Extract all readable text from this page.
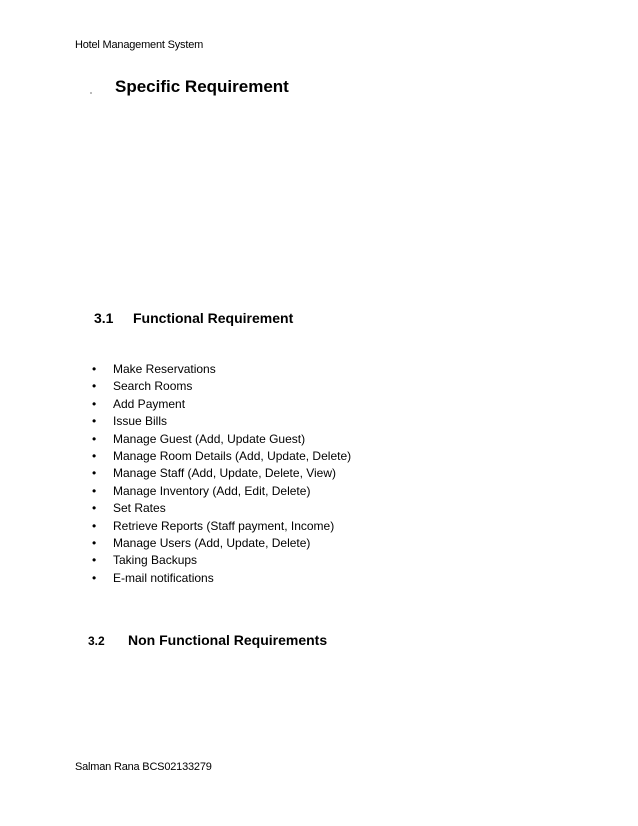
Hotel Management System
Specific Requirement
3.1 Functional Requirement
•	Make Reservations
•	Search Rooms
•	Add Payment
•	Issue Bills
•	Manage Guest (Add, Update Guest)
•	Manage Room Details (Add, Update, Delete)
•	Manage Staff (Add, Update, Delete, View)
•	Manage Inventory (Add, Edit, Delete)
•	Set Rates
•	Retrieve Reports (Staff payment, Income)
•	Manage Users (Add, Update, Delete)
•	Taking Backups
•	E-mail notifications
3.2 Non Functional Requirements
Salman Rana BCS02133279
